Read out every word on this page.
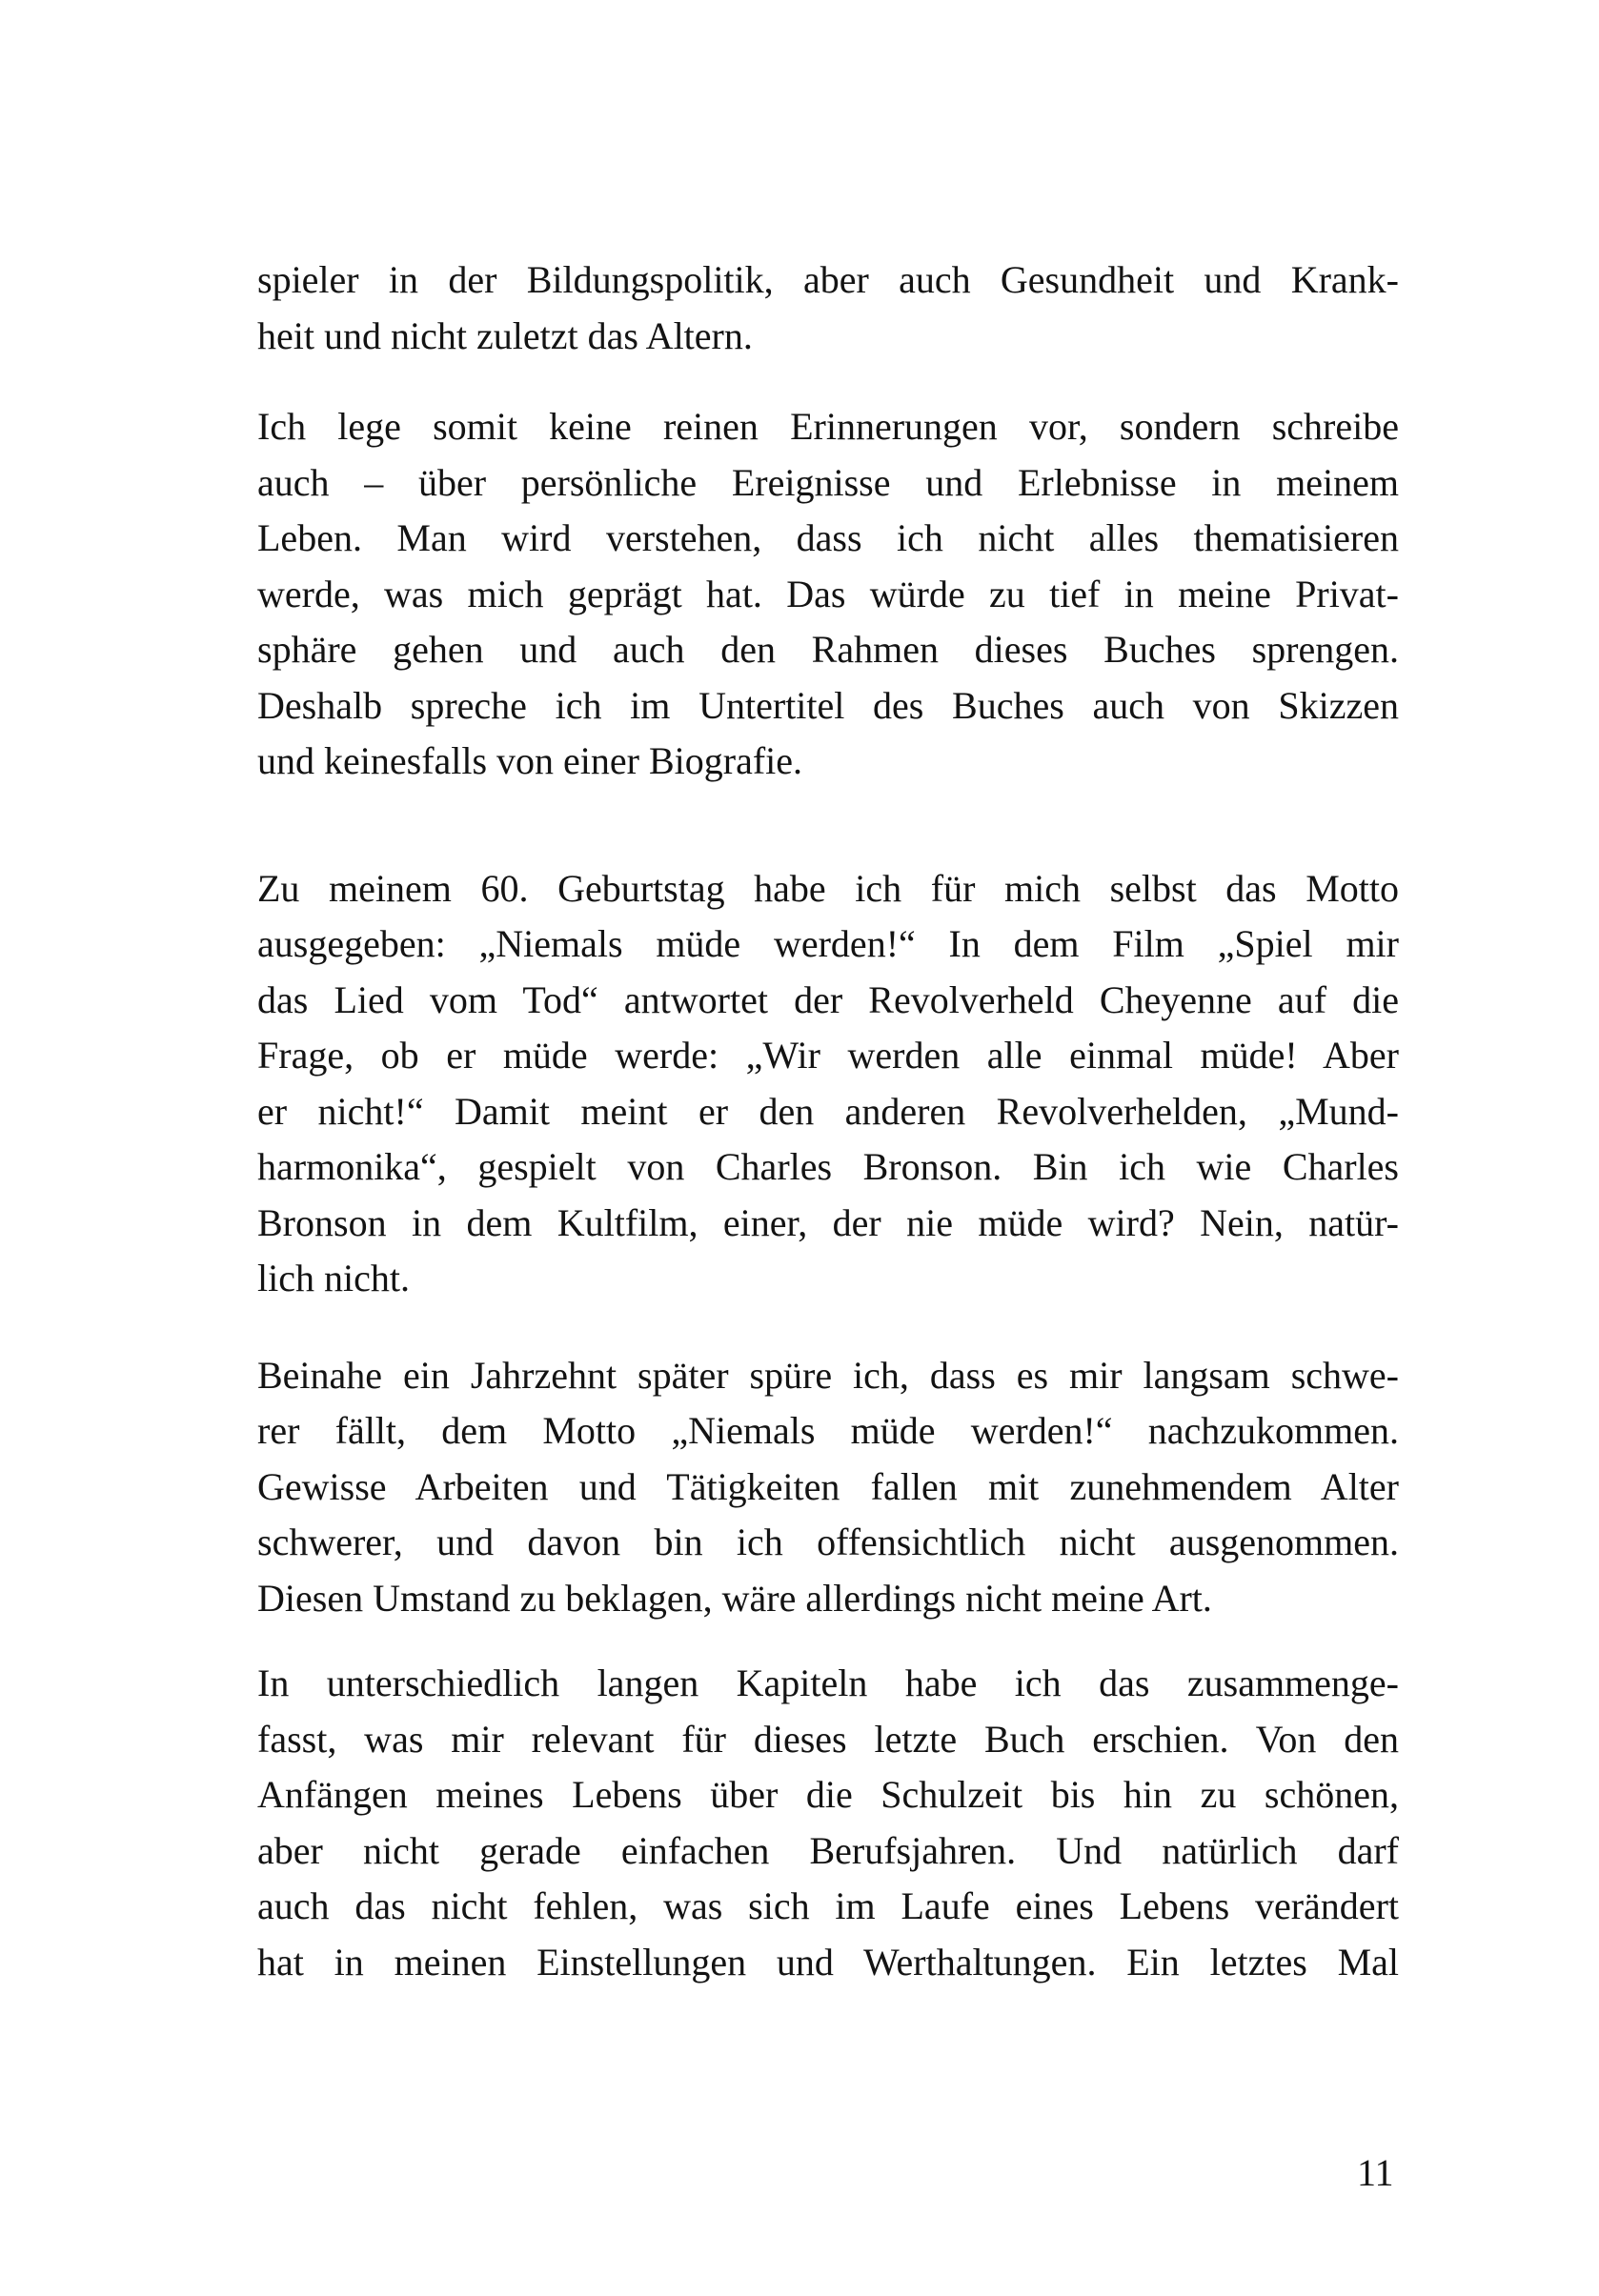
spieler in der Bildungspolitik, aber auch Gesundheit und Krank-
heit und nicht zuletzt das Altern.

Ich lege somit keine reinen Erinnerungen vor, sondern schreibe
auch – über persönliche Ereignisse und Erlebnisse in meinem
Leben. Man wird verstehen, dass ich nicht alles thematisieren
werde, was mich geprägt hat. Das würde zu tief in meine Privat-
sphäre gehen und auch den Rahmen dieses Buches sprengen.
Deshalb spreche ich im Untertitel des Buches auch von Skizzen
und keinesfalls von einer Biografie.

Zu meinem 60. Geburtstag habe ich für mich selbst das Motto
ausgegeben: „Niemals müde werden!“ In dem Film „Spiel mir
das Lied vom Tod“ antwortet der Revolverheld Cheyenne auf die
Frage, ob er müde werde: „Wir werden alle einmal müde! Aber
er nicht!“ Damit meint er den anderen Revolverhelden, „Mund-
harmonika“, gespielt von Charles Bronson. Bin ich wie Charles
Bronson in dem Kultfilm, einer, der nie müde wird? Nein, natür-
lich nicht.

Beinahe ein Jahrzehnt später spüre ich, dass es mir langsam schwe-
rer fällt, dem Motto „Niemals müde werden!“ nachzukommen.
Gewisse Arbeiten und Tätigkeiten fallen mit zunehmendem Alter
schwerer, und davon bin ich offensichtlich nicht ausgenommen.
Diesen Umstand zu beklagen, wäre allerdings nicht meine Art.

In unterschiedlich langen Kapiteln habe ich das zusammenge-
fasst, was mir relevant für dieses letzte Buch erschien. Von den
Anfängen meines Lebens über die Schulzeit bis hin zu schönen,
aber nicht gerade einfachen Berufsjahren. Und natürlich darf
auch das nicht fehlen, was sich im Laufe eines Lebens verändert
hat in meinen Einstellungen und Werthaltungen. Ein letztes Mal

11
